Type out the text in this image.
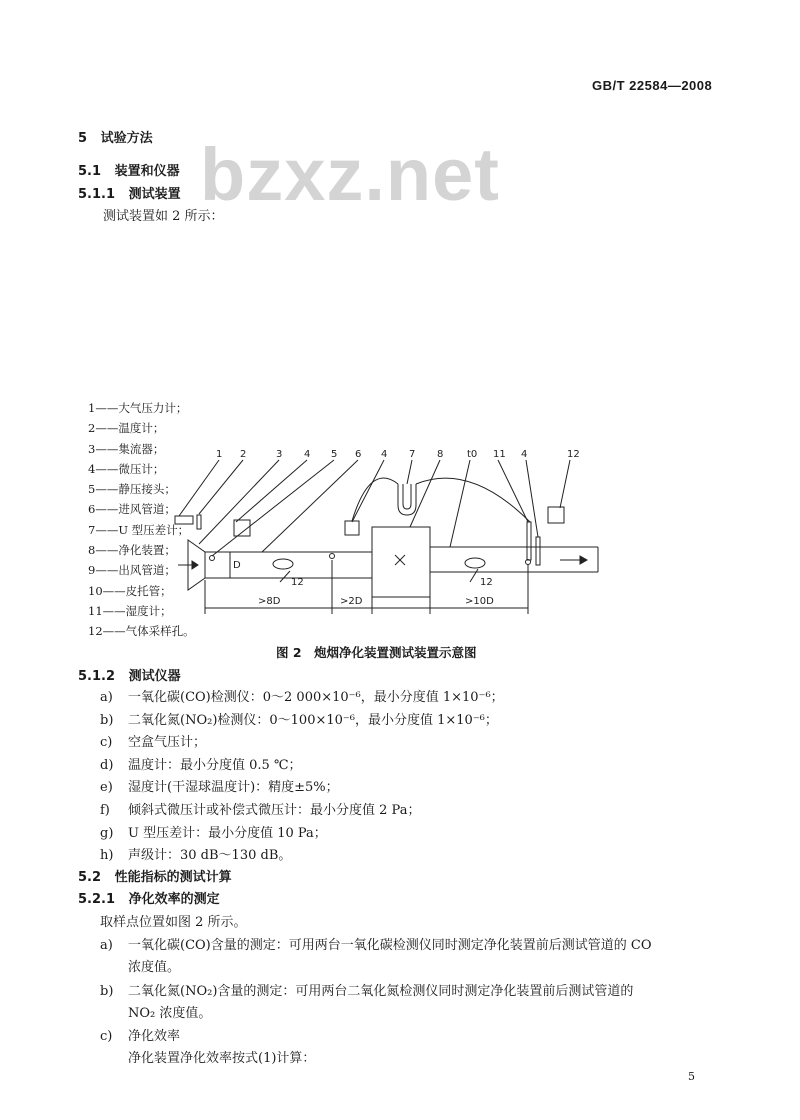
GB/T 22584—2008
bzxz.net
5 试验方法
5.1 装置和仪器
5.1.1 测试装置
测试装置如 2 所示：
1 2	3 4 5 6 4 7 8 t0 11 4	12
12	12
D
>8D	>2D	>10D
1——大气压力计；
2——温度计；
3——集流器；
4——微压计；
5——静压接头；
6——进风管道；
7——U 型压差计；
8——净化装置；
9——出风管道；
10——皮托管；
11——湿度计；
12——气体采样孔。
图 2　炮烟净化装置测试装置示意图
5.1.2 测试仪器
a) 一氧化碳(CO)检测仪：0～2 000×10⁻⁶，最小分度值 1×10⁻⁶；
b) 二氧化氮(NO₂)检测仪：0～100×10⁻⁶，最小分度值 1×10⁻⁶；
c) 空盒气压计；
d) 温度计：最小分度值 0.5 ℃；
e) 湿度计(干湿球温度计)：精度±5%；
f) 倾斜式微压计或补偿式微压计：最小分度值 2 Pa；
g) U 型压差计：最小分度值 10 Pa；
h) 声级计：30 dB～130 dB。
5.2 性能指标的测试计算
5.2.1 净化效率的测定
取样点位置如图 2 所示。
a) 一氧化碳(CO)含量的测定：可用两台一氧化碳检测仪同时测定净化装置前后测试管道的 CO
浓度值。
b) 二氧化氮(NO₂)含量的测定：可用两台二氧化氮检测仪同时测定净化装置前后测试管道的
NO₂ 浓度值。
c) 净化效率
净化装置净化效率按式(1)计算：
5
